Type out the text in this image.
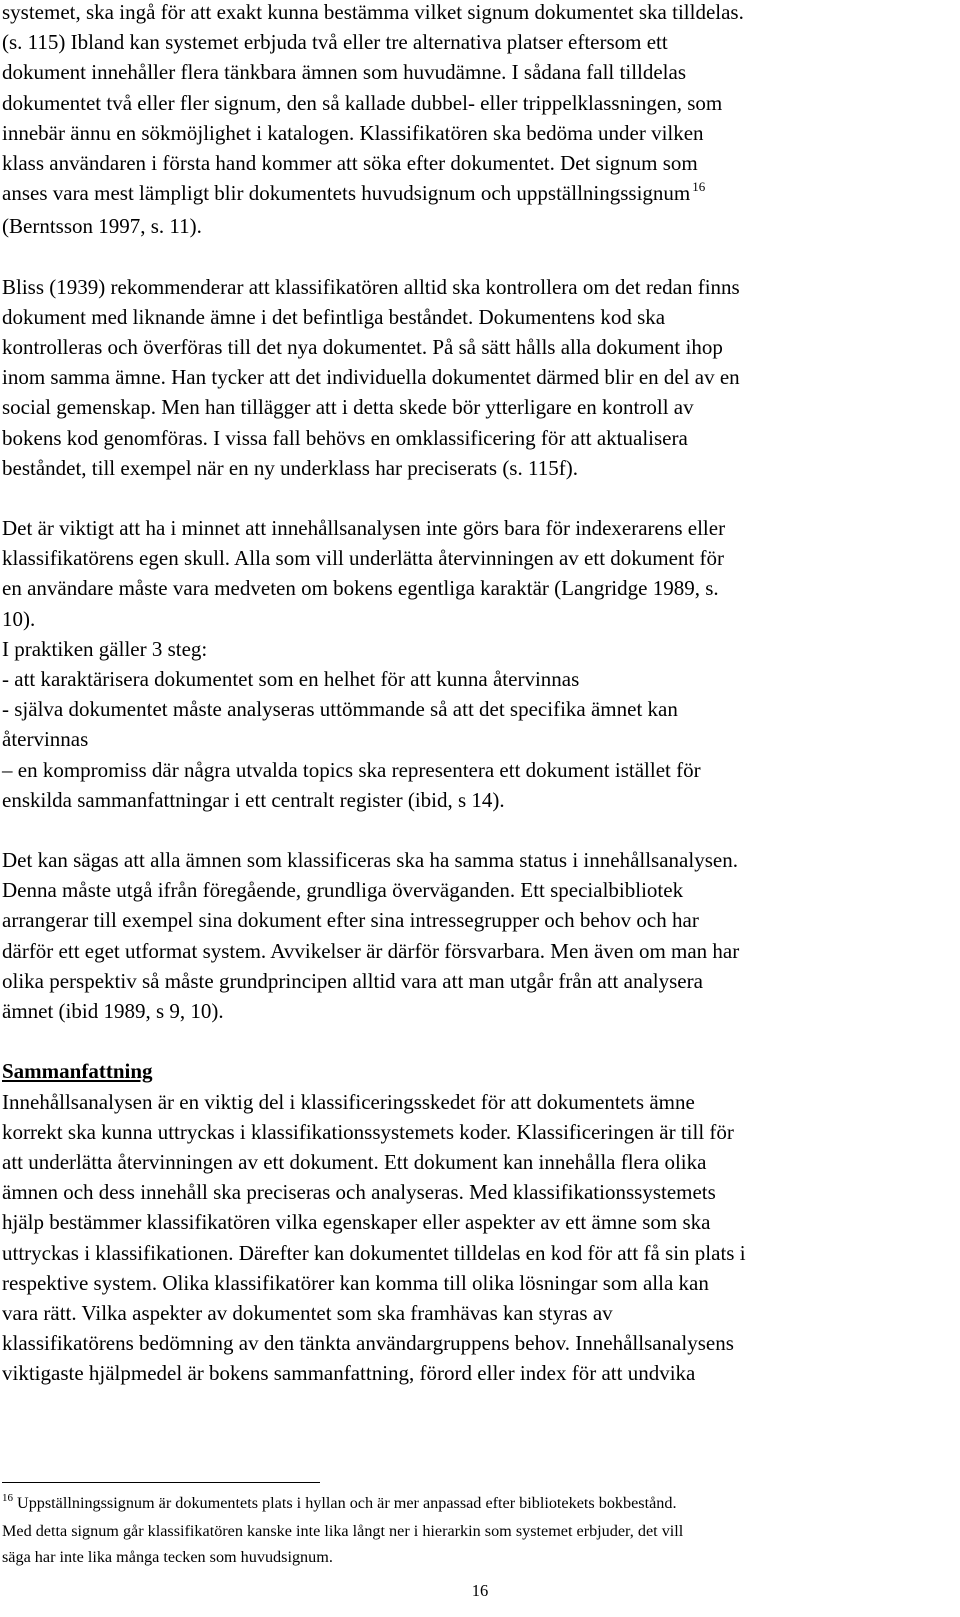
systemet, ska ingå för att exakt kunna bestämma vilket signum dokumentet ska tilldelas.

(s. 115) Ibland kan systemet erbjuda två eller tre alternativa platser eftersom ett

dokument innehåller flera tänkbara ämnen som huvudämne. I sådana fall tilldelas

dokumentet två eller fler signum, den så kallade dubbel- eller trippelklassningen, som

innebär ännu en sökmöjlighet i katalogen. Klassifikatören ska bedöma under vilken

klass användaren i första hand kommer att söka efter dokumentet. Det signum som

anses vara mest lämpligt blir dokumentets huvudsignum och uppställningssignum $^{16}$

(Berntsson 1997, s. 11).

Bliss (1939) rekommenderar att klassifikatören alltid ska kontrollera om det redan finns

dokument med liknande ämne i det befintliga beståndet. Dokumentens kod ska

kontrolleras och överföras till det nya dokumentet. På så sätt hålls alla dokument ihop

inom samma ämne. Han tycker att det individuella dokumentet därmed blir en del av en

social gemenskap. Men han tillägger att i detta skede bör ytterligare en kontroll av

bokens kod genomföras. I vissa fall behövs en omklassificering för att aktualisera

beståndet, till exempel när en ny underklass har preciserats (s. 115f).

Det är viktigt att ha i minnet att innehållsanalysen inte görs bara för indexerarens eller

klassifikatörens egen skull. Alla som vill underlätta återvinningen av ett dokument för

en användare måste vara medveten om bokens egentliga karaktär (Langridge 1989, s.

10).

I praktiken gäller 3 steg:

- att karaktärisera dokumentet som en helhet för att kunna återvinnas

- själva dokumentet måste analyseras uttömmande så att det specifika ämnet kan

återvinnas

– en kompromiss där några utvalda topics ska representera ett dokument istället för

enskilda sammanfattningar i ett centralt register (ibid, s 14).

Det kan sägas att alla ämnen som klassificeras ska ha samma status i innehållsanalysen.

Denna måste utgå ifrån föregående, grundliga överväganden. Ett specialbibliotek

arrangerar till exempel sina dokument efter sina intressegrupper och behov och har

därför ett eget utformat system. Avvikelser är därför försvarbara. Men även om man har

olika perspektiv så måste grundprincipen alltid vara att man utgår från att analysera

ämnet (ibid 1989, s 9, 10).

Sammanfattning

Innehållsanalysen är en viktig del i klassificeringsskedet för att dokumentets ämne

korrekt ska kunna uttryckas i klassifikationssystemets koder. Klassificeringen är till för

att underlätta återvinningen av ett dokument. Ett dokument kan innehålla flera olika

ämnen och dess innehåll ska preciseras och analyseras. Med klassifikationssystemets

hjälp bestämmer klassifikatören vilka egenskaper eller aspekter av ett ämne som ska

uttryckas i klassifikationen. Därefter kan dokumentet tilldelas en kod för att få sin plats i

respektive system. Olika klassifikatörer kan komma till olika lösningar som alla kan

vara rätt. Vilka aspekter av dokumentet som ska framhävas kan styras av

klassifikatörens bedömning av den tänkta användargruppens behov. Innehållsanalysens

viktigaste hjälpmedel är bokens sammanfattning, förord eller index för att undvika

$^{16}$ Uppställningssignum är dokumentets plats i hyllan och är mer anpassad efter bibliotekets bokbestånd.

Med detta signum går klassifikatören kanske inte lika långt ner i hierarkin som systemet erbjuder, det vill

säga har inte lika många tecken som huvudsignum.

16
